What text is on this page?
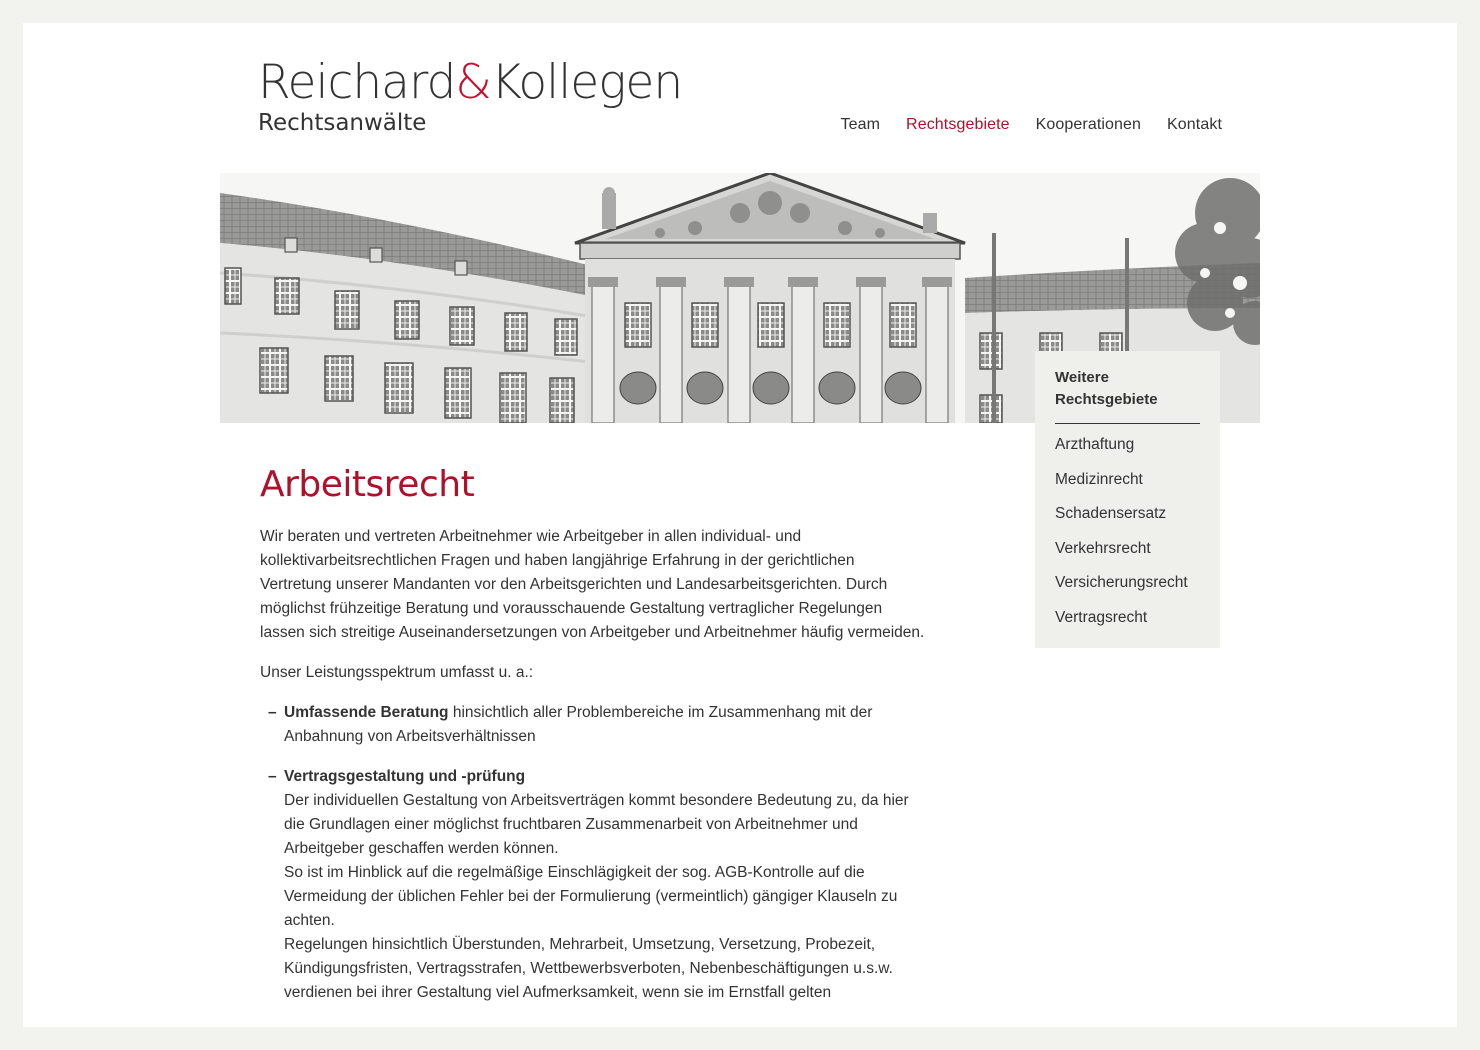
Reichard&Kollegen
Rechtsanwälte	Team Rechtsgebiete Kooperationen Kontakt
Weitere Rechtsgebiete
Arzthaftung
Medizinrecht
Schadensersatz
Verkehrsrecht
Versicherungsrecht
Vertragsrecht
Arbeitsrecht

Wir beraten und vertreten Arbeitnehmer wie Arbeitgeber in allen individual- und kollektivarbeitsrechtlichen Fragen und haben langjährige Erfahrung in der gerichtlichen Vertretung unserer Mandanten vor den Arbeitsgerichten und Landesarbeitsgerichten. Durch möglichst frühzeitige Beratung und vorausschauende Gestaltung vertraglicher Regelungen lassen sich streitige Auseinandersetzungen von Arbeitgeber und Arbeitnehmer häufig vermeiden.

Unser Leistungsspektrum umfasst u. a.:

– Umfassende Beratung hinsichtlich aller Problembereiche im Zusammenhang mit der Anbahnung von Arbeitsverhältnissen
– Vertragsgestaltung und -prüfung
Der individuellen Gestaltung von Arbeitsverträgen kommt besondere Bedeutung zu, da hier die Grundlagen einer möglichst fruchtbaren Zusammenarbeit von Arbeitnehmer und Arbeitgeber geschaffen werden können.
So ist im Hinblick auf die regelmäßige Einschlägigkeit der sog. AGB-Kontrolle auf die Vermeidung der üblichen Fehler bei der Formulierung (vermeintlich) gängiger Klauseln zu achten.
Regelungen hinsichtlich Überstunden, Mehrarbeit, Umsetzung, Versetzung, Probezeit, Kündigungsfristen, Vertragsstrafen, Wettbewerbsverboten, Nebenbeschäftigungen u.s.w. verdienen bei ihrer Gestaltung viel Aufmerksamkeit, wenn sie im Ernstfall gelten
